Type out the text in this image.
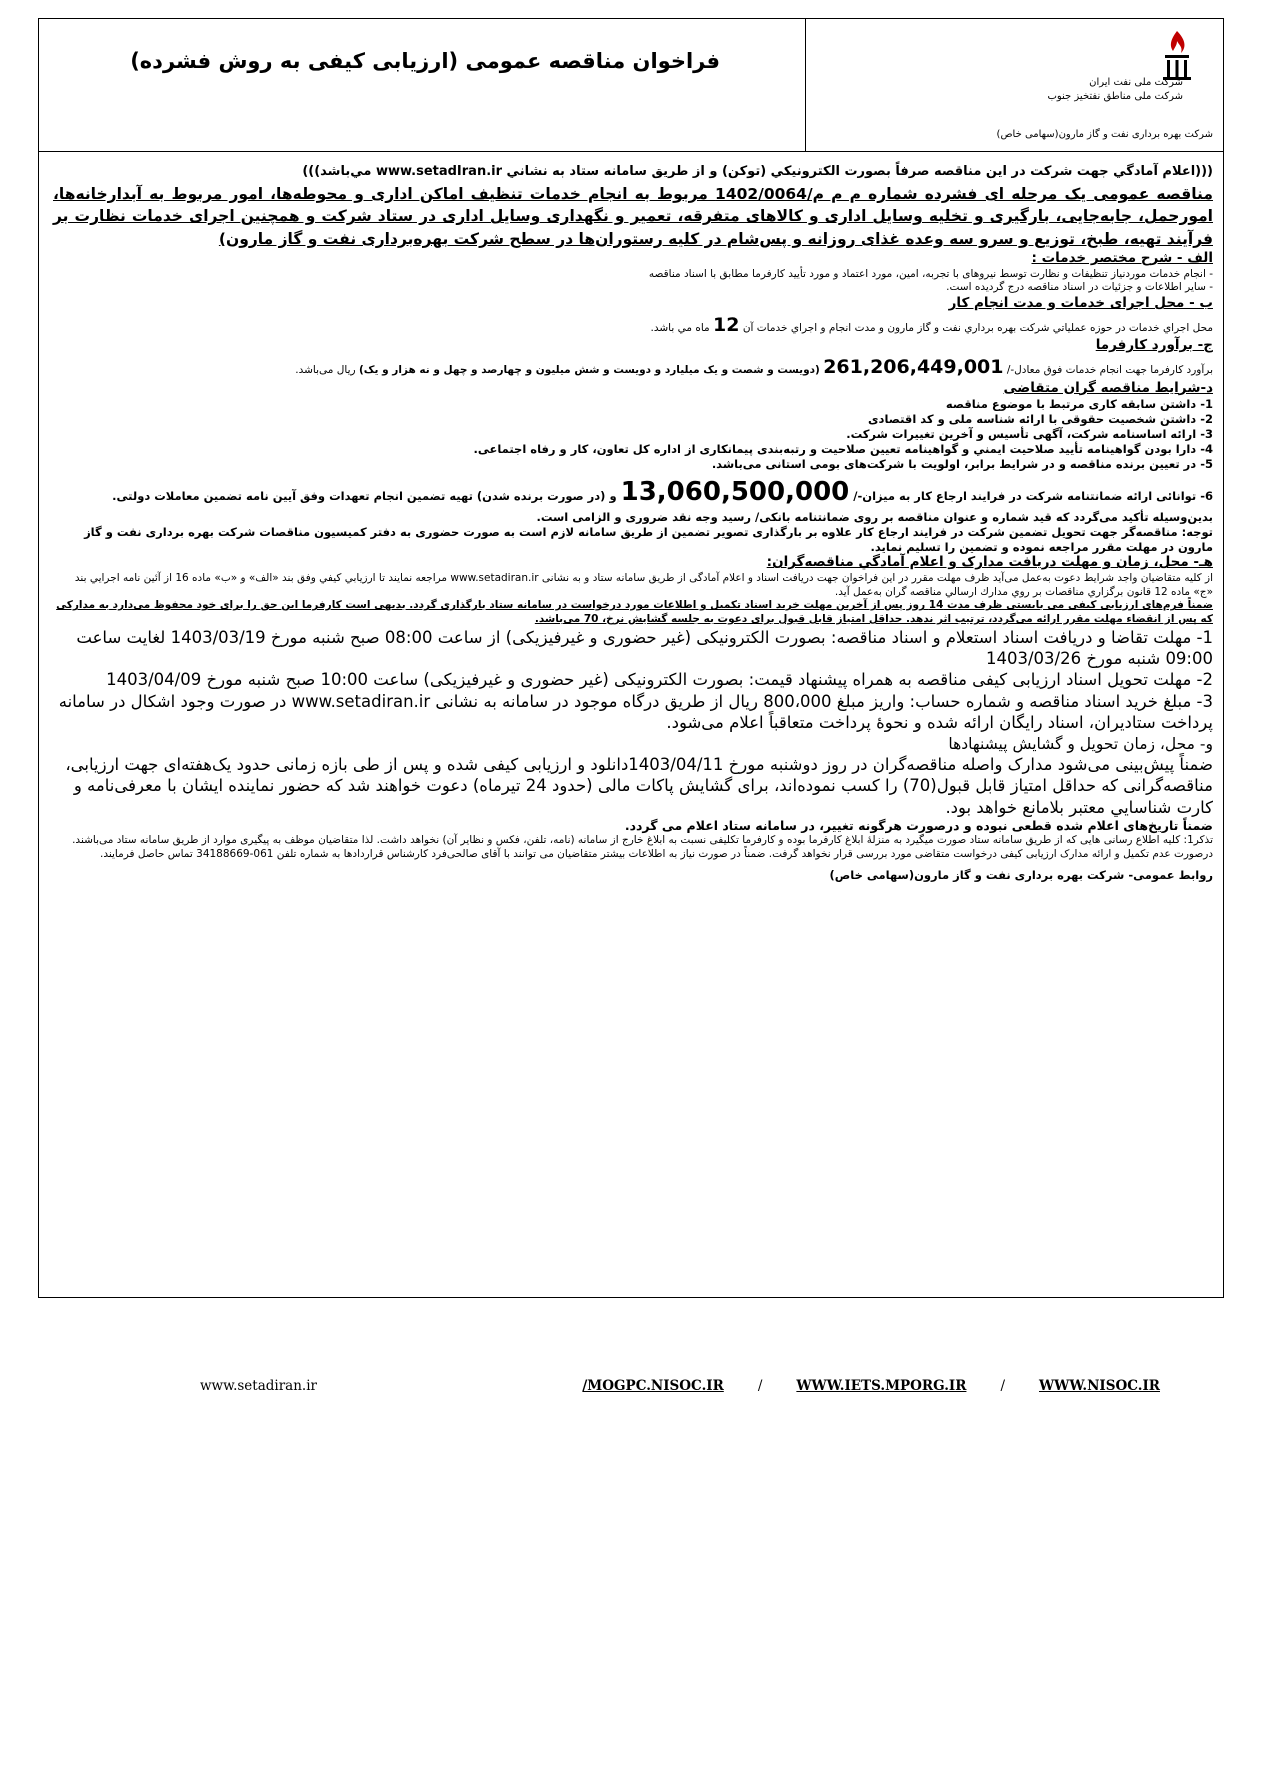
شرکت ملی نفت ایران
شرکت ملی مناطق نفتخیز جنوب
شرکت بهره برداری نفت و گاز مارون(سهامی خاص)
فراخوان مناقصه عمومی (ارزیابی کیفی به روش فشرده)

(((اعلام آمادگي جهت شرکت در این مناقصه صرفاً بصورت الکترونیکي (توکن) و از طريق سامانه ستاد به نشاني www.setadIran.ir مي‌باشد)))

مناقصه عمومی یک مرحله ای فشرده شماره م م م/1402/0064 مربوط به انجام خدمات تنظیف اماکن اداری و محوطه‌ها، امور مربوط به آبدارخانه‌ها، امورحمل، جابه‌جایی، بارگیری و تخلیه وسایل اداری و کالاهای متفرقه، تعمیر و نگهداری وسایل اداری در ستاد شرکت و همچنین اجرای خدمات نظارت بر فرآیند تهیه، طبخ، توزیع و سرو سه وعده غذای روزانه و پس‌شام در کلیه رستوران‌ها در سطح شرکت بهره‌برداری نفت و گاز مارون)

الف - شرح مختصر خدمات :

- انجام خدمات موردنیاز تنظیفات و نظارت توسط نیروهای با تجربه، امین، مورد اعتماد و مورد تأیید کارفرما مطابق با اسناد مناقصه

- سایر اطلاعات و جزئیات در اسناد مناقصه درج گردیده است.

ب - محل اجرای خدمات و مدت انجام کار

محل اجراي خدمات در حوزه عملياتي شركت بهره برداري نفت و گاز مارون و مدت انجام و اجراي خدمات آن 12 ماه مي باشد.

ج- برآورد کارفرما

برآورد کارفرما جهت انجام خدمات فوق معادل-/ 261,206,449,001 (دویست و شصت و یک میلیارد و دویست و شش میلیون و چهارصد و چهل و نه هزار و یک) ریال می‌باشد.

د-شرایط مناقصه گران متقاضی

1- داشتن سابقه کاری مرتبط با موضوع مناقصه

2- داشتن شخصیت حقوقی با ارائه شناسه ملی و کد اقتصادی

3- ارائه اساسنامه شرکت، آگهی تأسیس و آخرین تغییرات شرکت.

4- دارا بودن گواهینامه تأیید صلاحیت ایمني و گواهینامه تعیین صلاحیت و رتبه‌بندی پیمانکاری از اداره کل تعاون، کار و رفاه اجتماعی.

5- در تعیین برنده مناقصه و در شرایط برابر، اولویت با شرکت‌های بومی استانی می‌باشد.

6- توانائی ارائه ضمانتنامه شرکت در فرایند ارجاع کار به میزان-/ 13,060,500,000 و (در صورت برنده شدن) تهیه تضمین انجام تعهدات وفق آیین نامه تضمین معاملات دولتی. بدین‌وسیله تأکید می‌گردد که قید شماره و عنوان مناقصه بر روی ضمانتنامه بانکی/ رسید وجه نقد ضروری و الزامی است.

توجه: مناقصه‌گر جهت تحویل تضمین شرکت در فرایند ارجاع کار علاوه بر بارگذاری تصویر تضمین از طریق سامانه لازم است به صورت حضوری به دفتر کمیسیون مناقصات شرکت بهره برداری نفت و گاز مارون در مهلت مقرر مراجعه نموده و تضمین را تسلیم نماید.

هـ- محل، زمان و مهلت دریافت مدارک و اعلام آمادگي مناقصه‌گران:

از کلیه متقاضیان واجد شرایط دعوت به‌عمل می‌آید ظرف مهلت مقرر در این فراخوان جهت دریافت اسناد و اعلام آمادگی از طریق سامانه ستاد و به نشانی www.setadiran.ir مراجعه نمایند تا ارزيابي كيفي وفق بند «الف» و «ب» ماده 16 از آئين نامه اجرايي بند «ج» ماده 12 قانون برگزاري مناقصات بر روي مدارك ارسالي مناقصه گران به‌عمل آید.

ضمناً فرم‌های ارزیابی کیفی می بایستی ظرف مدت 14 روز پس از آخرین مهلت خرید اسناد تکمیل و اطلاعات مورد درخواست در سامانه ستاد بارگذاری گردد. بدیهی است کارفرما این حق را برای خود محفوظ می‌دارد به مدارکی که پس از انقضاء مهلت مقرر ارائه می‌گردد، ترتیب اثر ندهد. حداقل امتیاز قابل قبول برای دعوت به جلسه گشایش نرخ، 70 می‌باشد.

1- مهلت تقاضا و دریافت اسناد استعلام و اسناد مناقصه: بصورت الکترونیکی (غیر حضوری و غیرفیزیکی) از ساعت 08:00 صبح شنبه مورخ 1403/03/19 لغایت ساعت 09:00 شنبه مورخ 1403/03/26

2- مهلت تحویل اسناد ارزیابی کیفی مناقصه به همراه پیشنهاد قیمت: بصورت الکترونیکی (غیر حضوری و غیرفیزیکی) ساعت 10:00 صبح شنبه مورخ 1403/04/09

3- مبلغ خرید اسناد مناقصه و شماره حساب: واریز مبلغ 800،000 ریال از طریق درگاه موجود در سامانه به نشانی www.setadiran.ir در صورت وجود اشکال در سامانه پرداخت ستادیران، اسناد رایگان ارائه شده و نحوهٔ پرداخت متعاقباً اعلام می‌شود.

و- محل، زمان تحویل و گشایش پیشنهادها

ضمناً پیش‌بینی می‌شود مدارک واصله مناقصه‌گران در روز دوشنبه مورخ 1403/04/11دانلود و ارزیابی کیفی شده و پس از طی بازه زمانی حدود یک‌هفته‌ای جهت ارزیابی، مناقصه‌گرانی که حداقل امتیاز قابل قبول(70) را کسب نموده‌اند، برای گشایش پاکات مالی (حدود 24 تیرماه) دعوت خواهند شد که حضور نماینده ایشان با معرفی‌نامه و کارت شناسايي معتبر بلامانع خواهد بود.

ضمناً تاریخ‌های اعلام شده قطعی نبوده و درصورت هرگونه تغییر، در سامانه ستاد اعلام می گردد.

تذکر1: کلیه اطلاع رسانی هایی که از طریق سامانه ستاد صورت میگیرد به منزلهٔ ابلاغ کارفرما بوده و کارفرما تکلیفی نسبت به ابلاغ خارج از سامانه (نامه، تلفن، فکس و نظایر آن) نخواهد داشت. لذا متقاضیان موظف به پیگیری موارد از طریق سامانه ستاد می‌باشند. درصورت عدم تکمیل و ارائه مدارک ارزیابی کیفی درخواست متقاضی مورد بررسی قرار نخواهد گرفت. ضمناً در صورت نیاز به اطلاعات بیشتر متقاضیان می توانند با آقای صالحی‌فرد کارشناس قراردادها به شماره تلفن 061-34188669 تماس حاصل فرمایند.

روابط عمومی- شرکت بهره برداری نفت و گاز مارون(سهامی خاص)

www.setadiran.ir	/MOGPC.NISOC.IR	/	WWW.IETS.MPORG.IR	/	WWW.NISOC.IR
